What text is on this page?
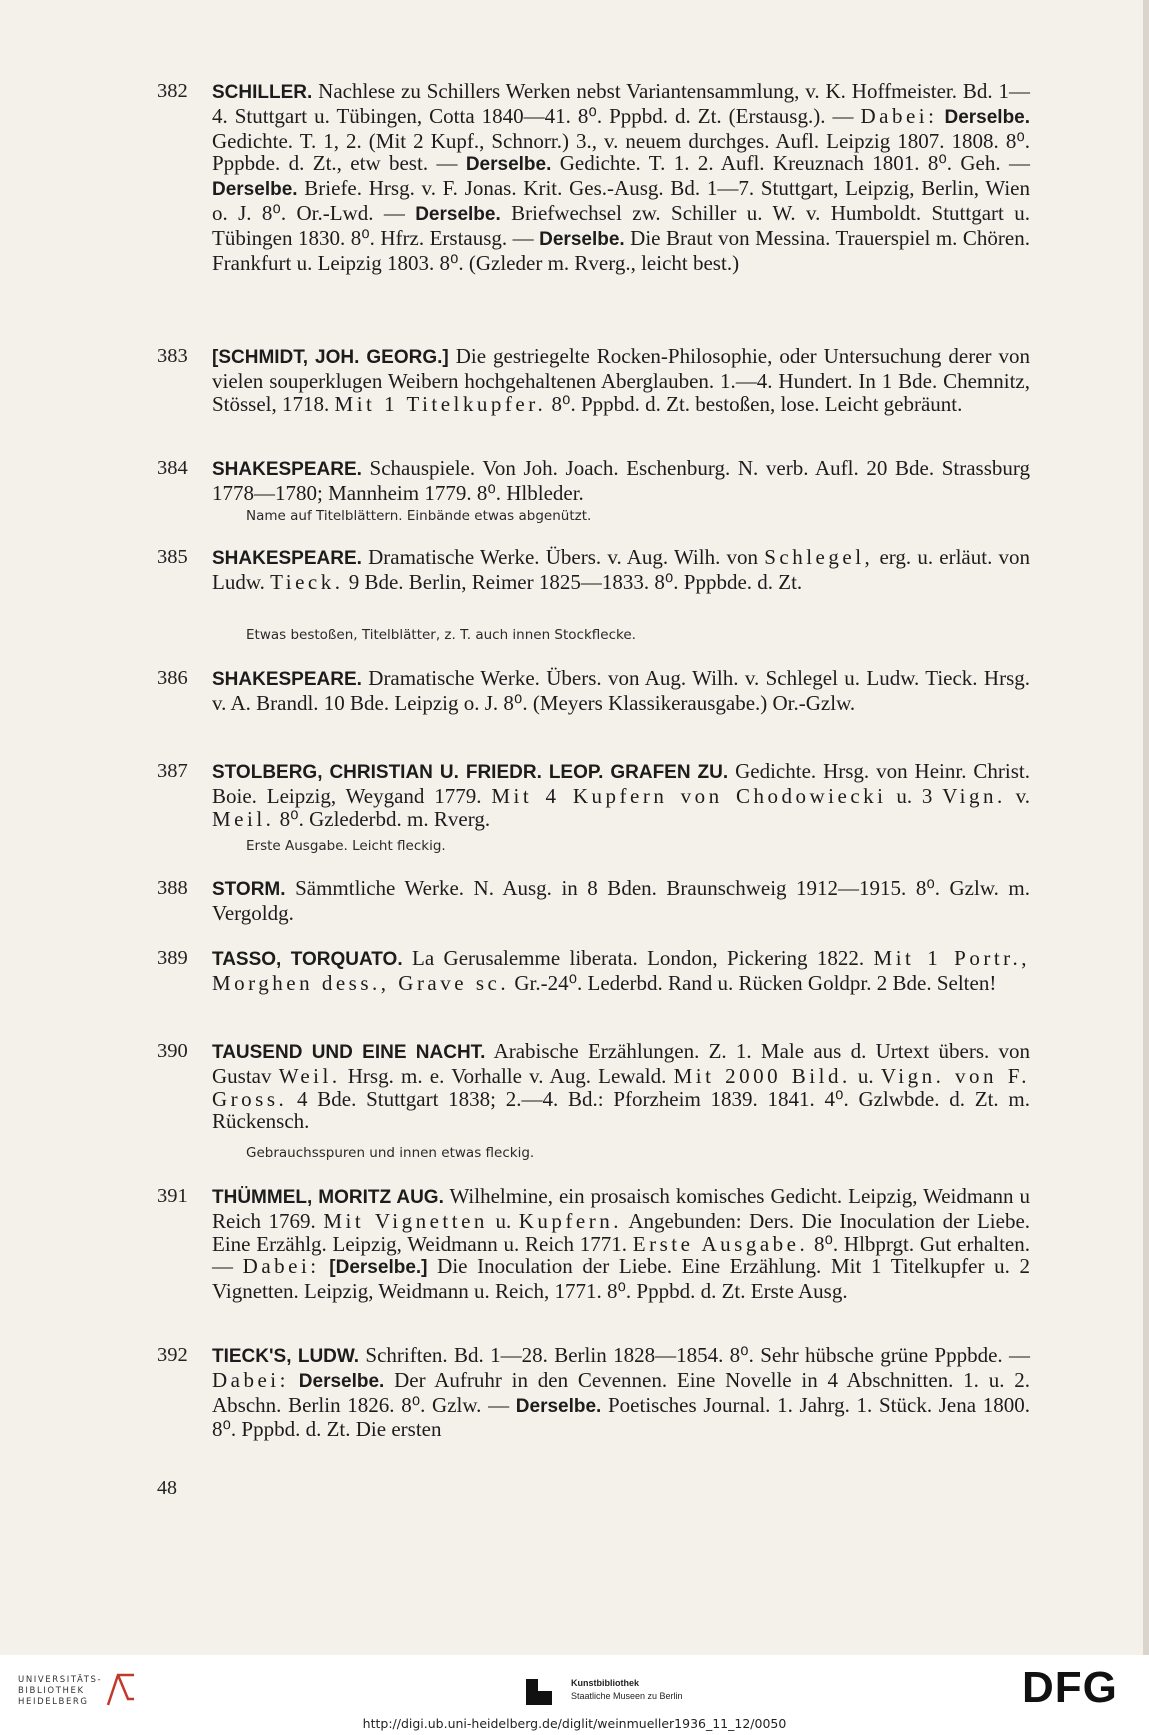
382 SCHILLER. Nachlese zu Schillers Werken nebst Variantensammlung, v. K. Hoffmeister. Bd. 1—4. Stuttgart u. Tübingen, Cotta 1840—41. 8⁰. Pppbd. d. Zt. (Erstausg.). — Dabei: Derselbe. Gedichte. T. 1, 2. (Mit 2 Kupf., Schnorr.) 3., v. neuem durchges. Aufl. Leipzig 1807. 1808. 8⁰. Pppbde. d. Zt., etw best. — Derselbe. Gedichte. T. 1. 2. Aufl. Kreuznach 1801. 8⁰. Geh. — Derselbe. Briefe. Hrsg. v. F. Jonas. Krit. Ges.-Ausg. Bd. 1—7. Stuttgart, Leipzig, Berlin, Wien o. J. 8⁰. Or.-Lwd. — Derselbe. Briefwechsel zw. Schiller u. W. v. Humboldt. Stuttgart u. Tübingen 1830. 8⁰. Hfrz. Erstausg. — Derselbe. Die Braut von Messina. Trauerspiel m. Chören. Frankfurt u. Leipzig 1803. 8⁰. (Gzleder m. Rverg., leicht best.)

383 [SCHMIDT, JOH. GEORG.] Die gestriegelte Rocken-Philosophie, oder Untersuchung derer von vielen souperklugen Weibern hochgehaltenen Aberglauben. 1.—4. Hundert. In 1 Bde. Chemnitz, Stössel, 1718. Mit 1 Titelkupfer. 8⁰. Pppbd. d. Zt. bestoßen, lose. Leicht gebräunt.

384 SHAKESPEARE. Schauspiele. Von Joh. Joach. Eschenburg. N. verb. Aufl. 20 Bde. Strassburg 1778—1780; Mannheim 1779. 8⁰. Hlbleder.

Name auf Titelblättern. Einbände etwas abgenützt.
385 SHAKESPEARE. Dramatische Werke. Übers. v. Aug. Wilh. von Schlegel, erg. u. erläut. von Ludw. Tieck. 9 Bde. Berlin, Reimer 1825—1833. 8⁰. Pppbde. d. Zt.

Etwas bestoßen, Titelblätter, z. T. auch innen Stockflecke.
386 SHAKESPEARE. Dramatische Werke. Übers. von Aug. Wilh. v. Schlegel u. Ludw. Tieck. Hrsg. v. A. Brandl. 10 Bde. Leipzig o. J. 8⁰. (Meyers Klassikerausgabe.) Or.-Gzlw.

387 STOLBERG, CHRISTIAN U. FRIEDR. LEOP. GRAFEN ZU. Gedichte. Hrsg. von Heinr. Christ. Boie. Leipzig, Weygand 1779. Mit 4 Kupfern von Chodowiecki u. 3 Vign. v. Meil. 8⁰. Gzlederbd. m. Rverg.

Erste Ausgabe. Leicht fleckig.
388 STORM. Sämmtliche Werke. N. Ausg. in 8 Bden. Braunschweig 1912—1915. 8⁰. Gzlw. m. Vergoldg.

389 TASSO, TORQUATO. La Gerusalemme liberata. London, Pickering 1822. Mit 1 Portr., Morghen dess., Grave sc. Gr.-24⁰. Lederbd. Rand u. Rücken Goldpr. 2 Bde. Selten!

390 TAUSEND UND EINE NACHT. Arabische Erzählungen. Z. 1. Male aus d. Urtext übers. von Gustav Weil. Hrsg. m. e. Vorhalle v. Aug. Lewald. Mit 2000 Bild. u. Vign. von F. Gross. 4 Bde. Stuttgart 1838; 2.—4. Bd.: Pforzheim 1839. 1841. 4⁰. Gzlwbde. d. Zt. m. Rückensch.

Gebrauchsspuren und innen etwas fleckig.
391 THÜMMEL, MORITZ AUG. Wilhelmine, ein prosaisch komisches Gedicht. Leipzig, Weidmann u Reich 1769. Mit Vignetten u. Kupfern. Angebunden: Ders. Die Inoculation der Liebe. Eine Erzählg. Leipzig, Weidmann u. Reich 1771. Erste Ausgabe. 8⁰. Hlbprgt. Gut erhalten. — Dabei: [Derselbe.] Die Inoculation der Liebe. Eine Erzählung. Mit 1 Titelkupfer u. 2 Vignetten. Leipzig, Weidmann u. Reich, 1771. 8⁰. Pppbd. d. Zt. Erste Ausg.

392 TIECK'S, LUDW. Schriften. Bd. 1—28. Berlin 1828—1854. 8⁰. Sehr hübsche grüne Pppbde. — Dabei: Derselbe. Der Aufruhr in den Cevennen. Eine Novelle in 4 Abschnitten. 1. u. 2. Abschn. Berlin 1826. 8⁰. Gzlw. — Derselbe. Poetisches Journal. 1. Jahrg. 1. Stück. Jena 1800. 8⁰. Pppbd. d. Zt. Die ersten

48
UNIVERSITÄTS-
BIBLIOTHEK
HEIDELBERG
Kunstbibliothek
Staatliche Museen zu Berlin	DFG
http://digi.ub.uni-heidelberg.de/diglit/weinmueller1936_11_12/0050
